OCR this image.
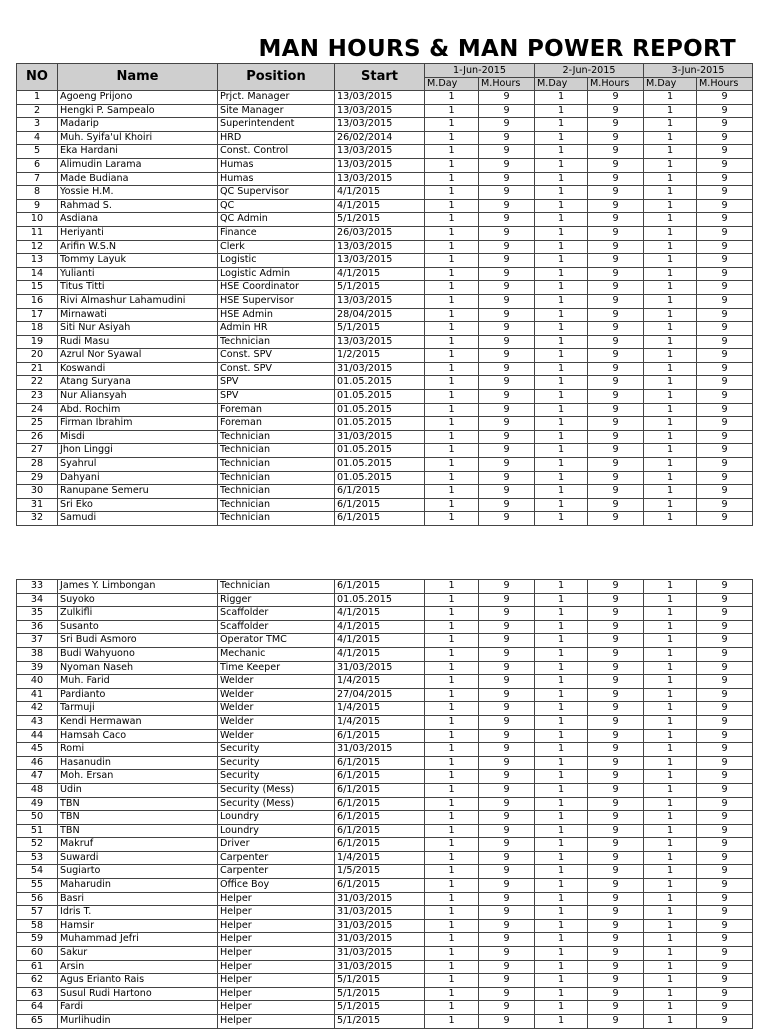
MAN HOURS & MAN POWER REPORT
NO	Name	Position	Start	1-Jun-2015		2-Jun-2015		3-Jun-2015	
				M.Day	M.Hours	M.Day	M.Hours	M.Day	M.Hours
1	Agoeng Prijono	Prjct. Manager	13/03/2015	1	9	1	9	1	9
2	Hengki P. Sampealo	Site Manager	13/03/2015	1	9	1	9	1	9
3	Madarip	Superintendent	13/03/2015	1	9	1	9	1	9
4	Muh. Syifa'ul Khoiri	HRD	26/02/2014	1	9	1	9	1	9
5	Eka Hardani	Const. Control	13/03/2015	1	9	1	9	1	9
6	Alimudin Larama	Humas	13/03/2015	1	9	1	9	1	9
7	Made Budiana	Humas	13/03/2015	1	9	1	9	1	9
8	Yossie H.M.	QC Supervisor	4/1/2015	1	9	1	9	1	9
9	Rahmad S.	QC	4/1/2015	1	9	1	9	1	9
10	Asdiana	QC Admin	5/1/2015	1	9	1	9	1	9
11	Heriyanti	Finance	26/03/2015	1	9	1	9	1	9
12	Arifin W.S.N	Clerk	13/03/2015	1	9	1	9	1	9
13	Tommy Layuk	Logistic	13/03/2015	1	9	1	9	1	9
14	Yulianti	Logistic Admin	4/1/2015	1	9	1	9	1	9
15	Titus Titti	HSE Coordinator	5/1/2015	1	9	1	9	1	9
16	Rivi Almashur Lahamudini	HSE Supervisor	13/03/2015	1	9	1	9	1	9
17	Mirnawati	HSE Admin	28/04/2015	1	9	1	9	1	9
18	Siti Nur Asiyah	Admin HR	5/1/2015	1	9	1	9	1	9
19	Rudi Masu	Technician	13/03/2015	1	9	1	9	1	9
20	Azrul Nor Syawal	Const. SPV	1/2/2015	1	9	1	9	1	9
21	Koswandi	Const. SPV	31/03/2015	1	9	1	9	1	9
22	Atang Suryana	SPV	01.05.2015	1	9	1	9	1	9
23	Nur Aliansyah	SPV	01.05.2015	1	9	1	9	1	9
24	Abd. Rochim	Foreman	01.05.2015	1	9	1	9	1	9
25	Firman Ibrahim	Foreman	01.05.2015	1	9	1	9	1	9
26	Misdi	Technician	31/03/2015	1	9	1	9	1	9
27	Jhon Linggi	Technician	01.05.2015	1	9	1	9	1	9
28	Syahrul	Technician	01.05.2015	1	9	1	9	1	9
29	Dahyani	Technician	01.05.2015	1	9	1	9	1	9
30	Ranupane Semeru	Technician	6/1/2015	1	9	1	9	1	9
31	Sri Eko	Technician	6/1/2015	1	9	1	9	1	9
32	Samudi	Technician	6/1/2015	1	9	1	9	1	9
33	James Y. Limbongan	Technician	6/1/2015	1	9	1	9	1	9
34	Suyoko	Rigger	01.05.2015	1	9	1	9	1	9
35	Zulkifli	Scaffolder	4/1/2015	1	9	1	9	1	9
36	Susanto	Scaffolder	4/1/2015	1	9	1	9	1	9
37	Sri Budi Asmoro	Operator TMC	4/1/2015	1	9	1	9	1	9
38	Budi Wahyuono	Mechanic	4/1/2015	1	9	1	9	1	9
39	Nyoman Naseh	Time Keeper	31/03/2015	1	9	1	9	1	9
40	Muh. Farid	Welder	1/4/2015	1	9	1	9	1	9
41	Pardianto	Welder	27/04/2015	1	9	1	9	1	9
42	Tarmuji	Welder	1/4/2015	1	9	1	9	1	9
43	Kendi Hermawan	Welder	1/4/2015	1	9	1	9	1	9
44	Hamsah Caco	Welder	6/1/2015	1	9	1	9	1	9
45	Romi	Security	31/03/2015	1	9	1	9	1	9
46	Hasanudin	Security	6/1/2015	1	9	1	9	1	9
47	Moh. Ersan	Security	6/1/2015	1	9	1	9	1	9
48	Udin	Security (Mess)	6/1/2015	1	9	1	9	1	9
49	TBN	Security (Mess)	6/1/2015	1	9	1	9	1	9
50	TBN	Loundry	6/1/2015	1	9	1	9	1	9
51	TBN	Loundry	6/1/2015	1	9	1	9	1	9
52	Makruf	Driver	6/1/2015	1	9	1	9	1	9
53	Suwardi	Carpenter	1/4/2015	1	9	1	9	1	9
54	Sugiarto	Carpenter	1/5/2015	1	9	1	9	1	9
55	Maharudin	Office Boy	6/1/2015	1	9	1	9	1	9
56	Basri	Helper	31/03/2015	1	9	1	9	1	9
57	Idris T.	Helper	31/03/2015	1	9	1	9	1	9
58	Hamsir	Helper	31/03/2015	1	9	1	9	1	9
59	Muhammad Jefri	Helper	31/03/2015	1	9	1	9	1	9
60	Sakur	Helper	31/03/2015	1	9	1	9	1	9
61	Arsin	Helper	31/03/2015	1	9	1	9	1	9
62	Agus Erianto Rais	Helper	5/1/2015	1	9	1	9	1	9
63	Susul Rudi Hartono	Helper	5/1/2015	1	9	1	9	1	9
64	Fardi	Helper	5/1/2015	1	9	1	9	1	9
65	Murlihudin	Helper	5/1/2015	1	9	1	9	1	9
